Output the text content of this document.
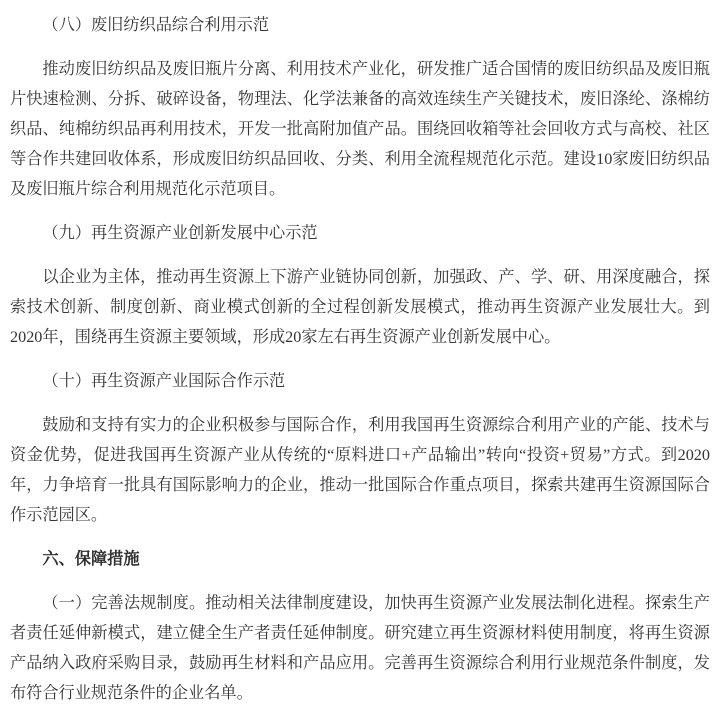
（八）废旧纺织品综合利用示范

推动废旧纺织品及废旧瓶片分离、利用技术产业化，研发推广适合国情的废旧纺织品及废旧瓶片快速检测、分拆、破碎设备，物理法、化学法兼备的高效连续生产关键技术，废旧涤纶、涤棉纺织品、纯棉纺织品再利用技术，开发一批高附加值产品。围绕回收箱等社会回收方式与高校、社区等合作共建回收体系，形成废旧纺织品回收、分类、利用全流程规范化示范。建设10家废旧纺织品及废旧瓶片综合利用规范化示范项目。

（九）再生资源产业创新发展中心示范

以企业为主体，推动再生资源上下游产业链协同创新，加强政、产、学、研、用深度融合，探索技术创新、制度创新、商业模式创新的全过程创新发展模式，推动再生资源产业发展壮大。到2020年，围绕再生资源主要领域，形成20家左右再生资源产业创新发展中心。

（十）再生资源产业国际合作示范

鼓励和支持有实力的企业积极参与国际合作，利用我国再生资源综合利用产业的产能、技术与资金优势，促进我国再生资源产业从传统的“原料进口+产品输出”转向“投资+贸易”方式。到2020年，力争培育一批具有国际影响力的企业，推动一批国际合作重点项目，探索共建再生资源国际合作示范园区。

六、保障措施

（一）完善法规制度。推动相关法律制度建设，加快再生资源产业发展法制化进程。探索生产者责任延伸新模式，建立健全生产者责任延伸制度。研究建立再生资源材料使用制度，将再生资源产品纳入政府采购目录，鼓励再生材料和产品应用。完善再生资源综合利用行业规范条件制度，发布符合行业规范条件的企业名单。
